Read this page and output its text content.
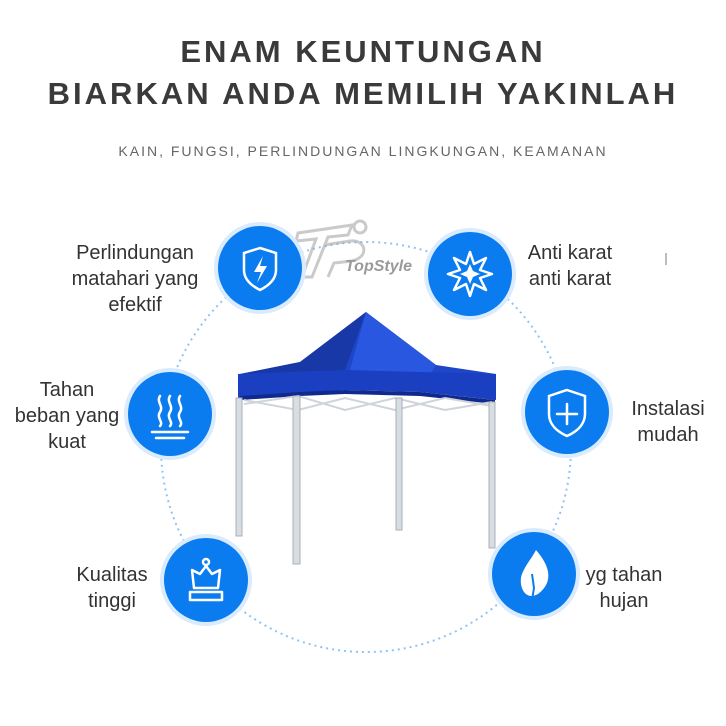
ENAM KEUNTUNGAN
BIARKAN ANDA MEMILIH YAKINLAH
KAIN, FUNGSI, PERLINDUNGAN LINGKUNGAN, KEAMANAN
TopStyle
Perlindungan
matahari yang
efektif
Anti karat
anti karat
Tahan
beban yang
kuat
Instalasi
mudah
Kualitas
tinggi
yg tahan
hujan
